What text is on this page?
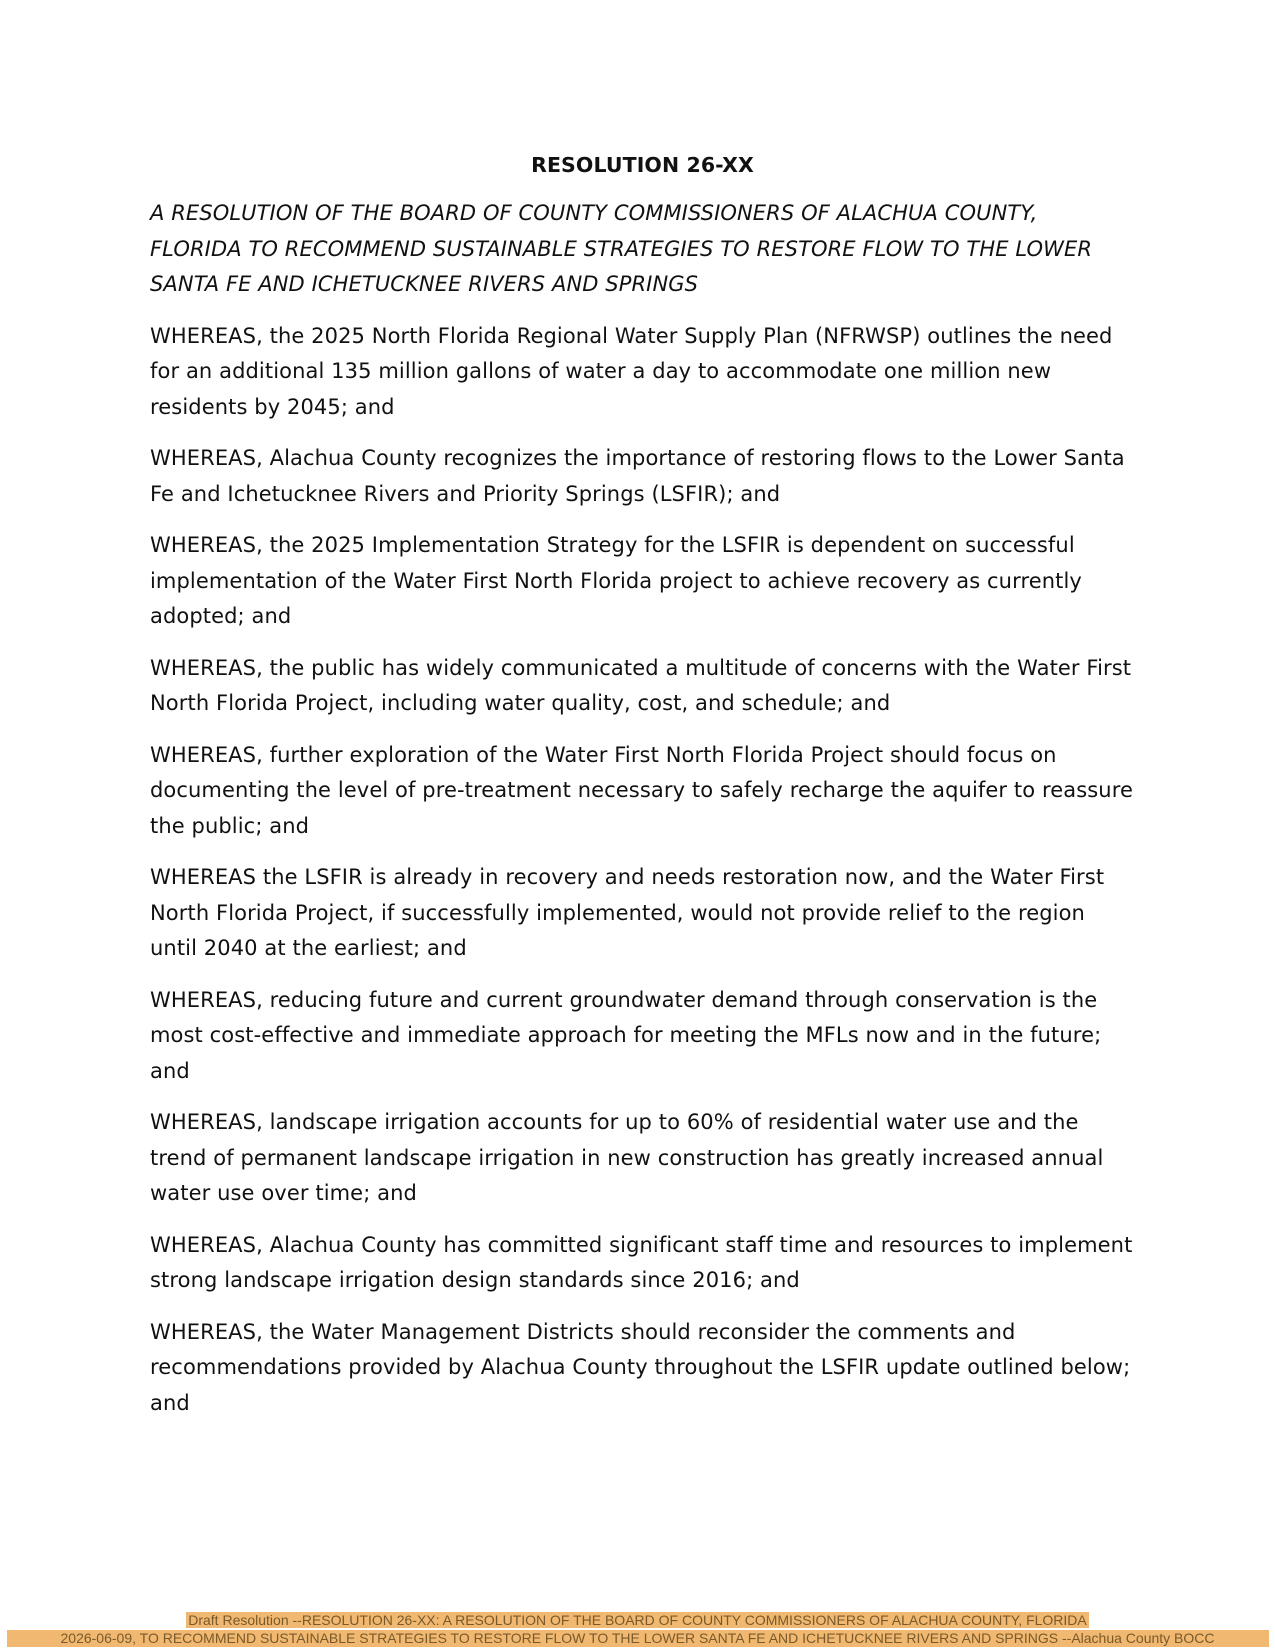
RESOLUTION 26-XX
A RESOLUTION OF THE BOARD OF COUNTY COMMISSIONERS OF ALACHUA COUNTY, FLORIDA TO RECOMMEND SUSTAINABLE STRATEGIES TO RESTORE FLOW TO THE LOWER SANTA FE AND ICHETUCKNEE RIVERS AND SPRINGS
WHEREAS, the 2025 North Florida Regional Water Supply Plan (NFRWSP) outlines the need for an additional 135 million gallons of water a day to accommodate one million new residents by 2045; and
WHEREAS, Alachua County recognizes the importance of restoring flows to the Lower Santa Fe and Ichetucknee Rivers and Priority Springs (LSFIR); and
WHEREAS, the 2025 Implementation Strategy for the LSFIR is dependent on successful implementation of the Water First North Florida project to achieve recovery as currently adopted; and
WHEREAS, the public has widely communicated a multitude of concerns with the Water First North Florida Project, including water quality, cost, and schedule; and
WHEREAS, further exploration of the Water First North Florida Project should focus on documenting the level of pre-treatment necessary to safely recharge the aquifer to reassure the public; and
WHEREAS the LSFIR is already in recovery and needs restoration now, and the Water First North Florida Project, if successfully implemented, would not provide relief to the region until 2040 at the earliest; and
WHEREAS, reducing future and current groundwater demand through conservation is the most cost-effective and immediate approach for meeting the MFLs now and in the future; and
WHEREAS, landscape irrigation accounts for up to 60% of residential water use and the trend of permanent landscape irrigation in new construction has greatly increased annual water use over time; and
WHEREAS, Alachua County has committed significant staff time and resources to implement strong landscape irrigation design standards since 2016; and
WHEREAS, the Water Management Districts should reconsider the comments and recommendations provided by Alachua County throughout the LSFIR update outlined below; and
Draft Resolution --RESOLUTION 26-XX: A RESOLUTION OF THE BOARD OF COUNTY COMMISSIONERS OF ALACHUA COUNTY, FLORIDA
2026-06-09, TO RECOMMEND SUSTAINABLE STRATEGIES TO RESTORE FLOW TO THE LOWER SANTA FE AND ICHETUCKNEE RIVERS AND SPRINGS --Alachua County BOCC
